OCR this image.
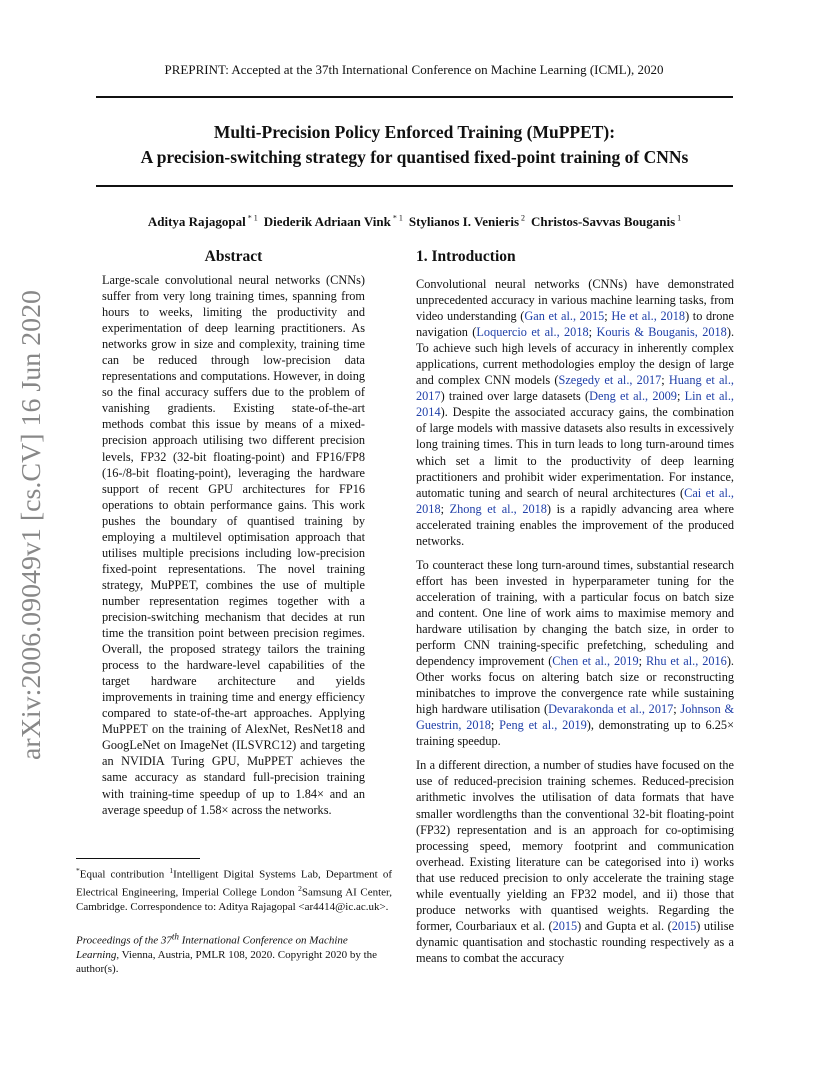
PREPRINT: Accepted at the 37th International Conference on Machine Learning (ICML), 2020
Multi-Precision Policy Enforced Training (MuPPET):
A precision-switching strategy for quantised fixed-point training of CNNs
Aditya Rajagopal $^{* 1}$ Diederik Adriaan Vink $^{* 1}$ Stylianos I. Venieris $^2$ Christos-Savvas Bouganis $^1$
arXiv:2006.09049v1 [cs.CV] 16 Jun 2020
Abstract
Large-scale convolutional neural networks (CNNs) suffer from very long training times, spanning from hours to weeks, limiting the productivity and experimentation of deep learning practitioners. As networks grow in size and complexity, training time can be reduced through low-precision data representations and computations. However, in doing so the final accuracy suffers due to the problem of vanishing gradients. Existing state-of-the-art methods combat this issue by means of a mixed-precision approach utilising two different precision levels, FP32 (32-bit floating-point) and FP16/FP8 (16-/8-bit floating-point), leveraging the hardware support of recent GPU architectures for FP16 operations to obtain performance gains. This work pushes the boundary of quantised training by employing a multilevel optimisation approach that utilises multiple precisions including low-precision fixed-point representations. The novel training strategy, MuPPET, combines the use of multiple number representation regimes together with a precision-switching mechanism that decides at run time the transition point between precision regimes. Overall, the proposed strategy tailors the training process to the hardware-level capabilities of the target hardware architecture and yields improvements in training time and energy efficiency compared to state-of-the-art approaches. Applying MuPPET on the training of AlexNet, ResNet18 and GoogLeNet on ImageNet (ILSVRC12) and targeting an NVIDIA Turing GPU, MuPPET achieves the same accuracy as standard full-precision training with training-time speedup of up to 1.84× and an average speedup of 1.58× across the networks.
*Equal contribution $^1$Intelligent Digital Systems Lab, Department of Electrical Engineering, Imperial College London $^2$Samsung AI Center, Cambridge. Correspondence to: Aditya Rajagopal <ar4414@ic.ac.uk>.
Proceedings of the 37th International Conference on Machine Learning, Vienna, Austria, PMLR 108, 2020. Copyright 2020 by the author(s).
1. Introduction

Convolutional neural networks (CNNs) have demonstrated unprecedented accuracy in various machine learning tasks, from video understanding (Gan et al., 2015; He et al., 2018) to drone navigation (Loquercio et al., 2018; Kouris & Bouganis, 2018). To achieve such high levels of accuracy in inherently complex applications, current methodologies employ the design of large and complex CNN models (Szegedy et al., 2017; Huang et al., 2017) trained over large datasets (Deng et al., 2009; Lin et al., 2014). Despite the associated accuracy gains, the combination of large models with massive datasets also results in excessively long training times. This in turn leads to long turn-around times which set a limit to the productivity of deep learning practitioners and prohibit wider experimentation. For instance, automatic tuning and search of neural architectures (Cai et al., 2018; Zhong et al., 2018) is a rapidly advancing area where accelerated training enables the improvement of the produced networks.

To counteract these long turn-around times, substantial research effort has been invested in hyperparameter tuning for the acceleration of training, with a particular focus on batch size and content. One line of work aims to maximise memory and hardware utilisation by changing the batch size, in order to perform CNN training-specific prefetching, scheduling and dependency improvement (Chen et al., 2019; Rhu et al., 2016). Other works focus on altering batch size or reconstructing minibatches to improve the convergence rate while sustaining high hardware utilisation (Devarakonda et al., 2017; Johnson & Guestrin, 2018; Peng et al., 2019), demonstrating up to 6.25× training speedup.

In a different direction, a number of studies have focused on the use of reduced-precision training schemes. Reduced-precision arithmetic involves the utilisation of data formats that have smaller wordlengths than the conventional 32-bit floating-point (FP32) representation and is an approach for co-optimising processing speed, memory footprint and communication overhead. Existing literature can be categorised into i) works that use reduced precision to only accelerate the training stage while eventually yielding an FP32 model, and ii) those that produce networks with quantised weights. Regarding the former, Courbariaux et al. (2015) and Gupta et al. (2015) utilise dynamic quantisation and stochastic rounding respectively as a means to combat the accuracy
